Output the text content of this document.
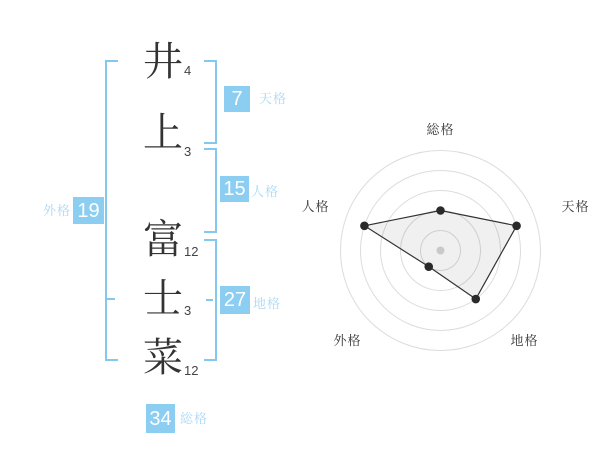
井
上
富
士
菜
4
3
12
3
12
7	天格
15 人格
27 地格
外格 19
34 総格
総格
天格
地格
外格
人格
